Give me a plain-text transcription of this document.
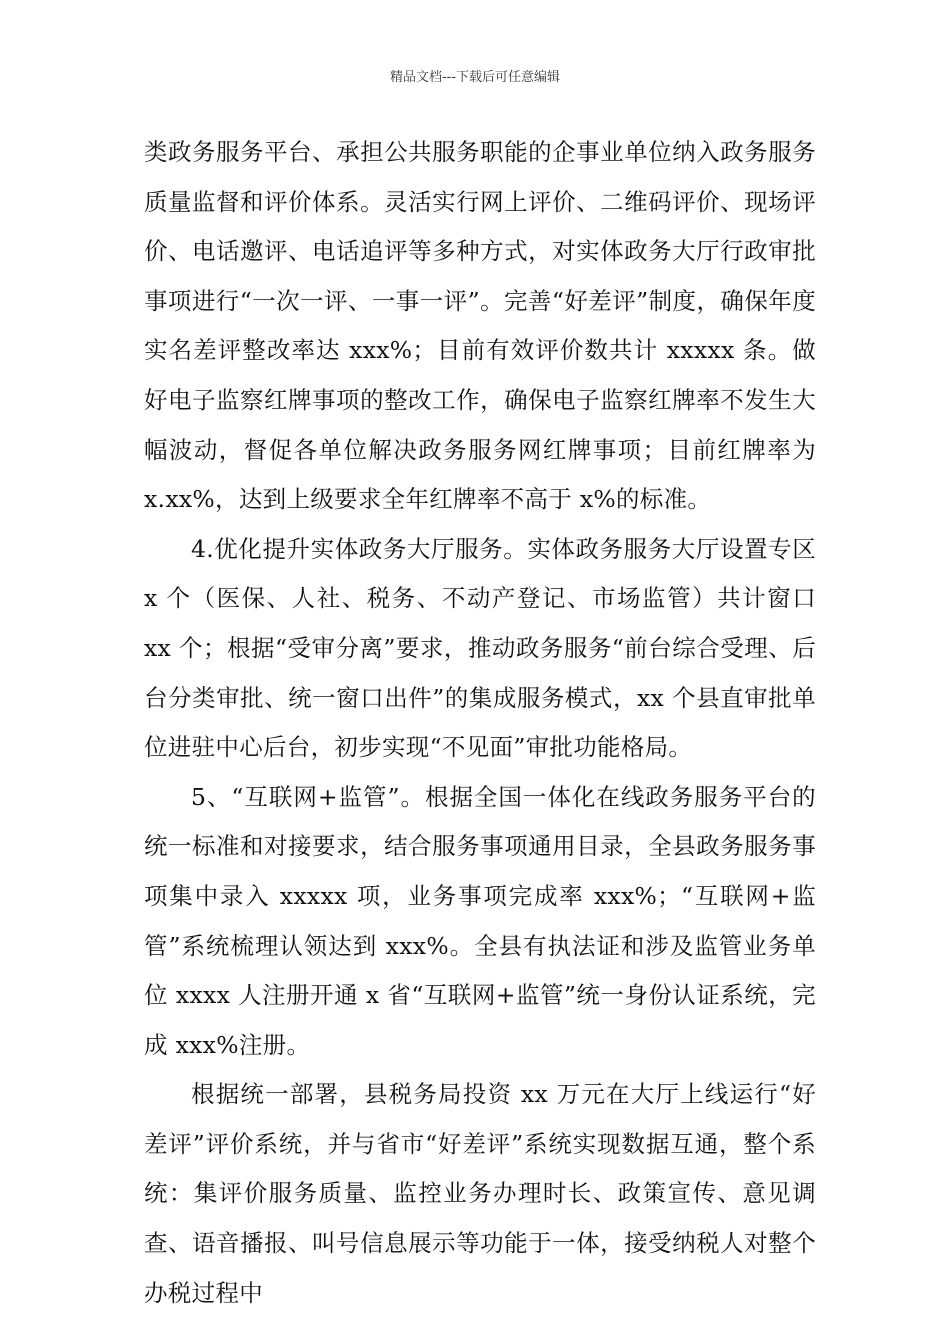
精品文档---下载后可任意编辑

类政务服务平台、承担公共服务职能的企事业单位纳入政务服务质量监督和评价体系。灵活实行网上评价、二维码评价、现场评价、电话邀评、电话追评等多种方式，对实体政务大厅行政审批事项进行“一次一评、一事一评”。完善“好差评”制度，确保年度实名差评整改率达 xxx%；目前有效评价数共计 xxxxx 条。做好电子监察红牌事项的整改工作，确保电子监察红牌率不发生大幅波动，督促各单位解决政务服务网红牌事项；目前红牌率为 x.xx%，达到上级要求全年红牌率不高于 x%的标准。

4.优化提升实体政务大厅服务。实体政务服务大厅设置专区 x 个（医保、人社、税务、不动产登记、市场监管）共计窗口 xx 个；根据“受审分离”要求，推动政务服务“前台综合受理、后台分类审批、统一窗口出件”的集成服务模式，xx 个县直审批单位进驻中心后台，初步实现“不见面”审批功能格局。

5、“互联网+监管”。根据全国一体化在线政务服务平台的统一标准和对接要求，结合服务事项通用目录，全县政务服务事项集中录入 xxxxx 项，业务事项完成率 xxx%；“互联网+监管”系统梳理认领达到 xxx%。全县有执法证和涉及监管业务单位 xxxx 人注册开通 x 省“互联网+监管”统一身份认证系统，完成 xxx%注册。

根据统一部署，县税务局投资 xx 万元在大厅上线运行“好差评”评价系统，并与省市“好差评”系统实现数据互通，整个系统：集评价服务质量、监控业务办理时长、政策宣传、意见调查、语音播报、叫号信息展示等功能于一体，接受纳税人对整个办税过程中
